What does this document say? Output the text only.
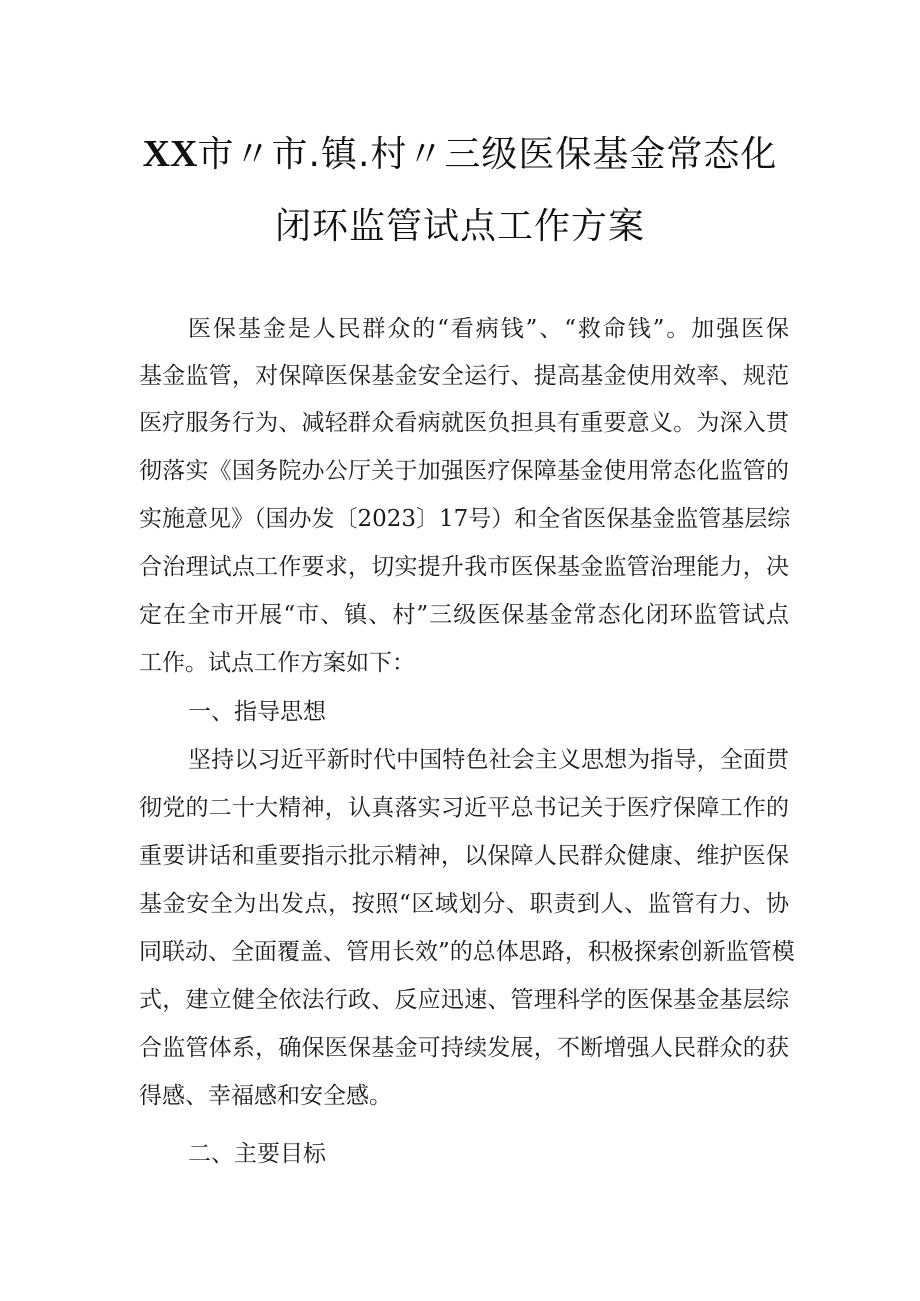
XX市〃市.镇.村〃三级医保基金常态化
闭环监管试点工作方案
医保基金是人民群众的“看病钱”、“救命钱”。加强医保
基金监管，对保障医保基金安全运行、提高基金使用效率、规范
医疗服务行为、减轻群众看病就医负担具有重要意义。为深入贯
彻落实《国务院办公厅关于加强医疗保障基金使用常态化监管的
实施意见》（国办发〔2023〕17号）和全省医保基金监管基层综
合治理试点工作要求，切实提升我市医保基金监管治理能力，决
定在全市开展“市、镇、村”三级医保基金常态化闭环监管试点
工作。试点工作方案如下：
一、指导思想
坚持以习近平新时代中国特色社会主义思想为指导，全面贯
彻党的二十大精神，认真落实习近平总书记关于医疗保障工作的
重要讲话和重要指示批示精神，以保障人民群众健康、维护医保
基金安全为出发点，按照“区域划分、职责到人、监管有力、协
同联动、全面覆盖、管用长效”的总体思路，积极探索创新监管模
式，建立健全依法行政、反应迅速、管理科学的医保基金基层综
合监管体系，确保医保基金可持续发展，不断增强人民群众的获
得感、幸福感和安全感。
二、主要目标
